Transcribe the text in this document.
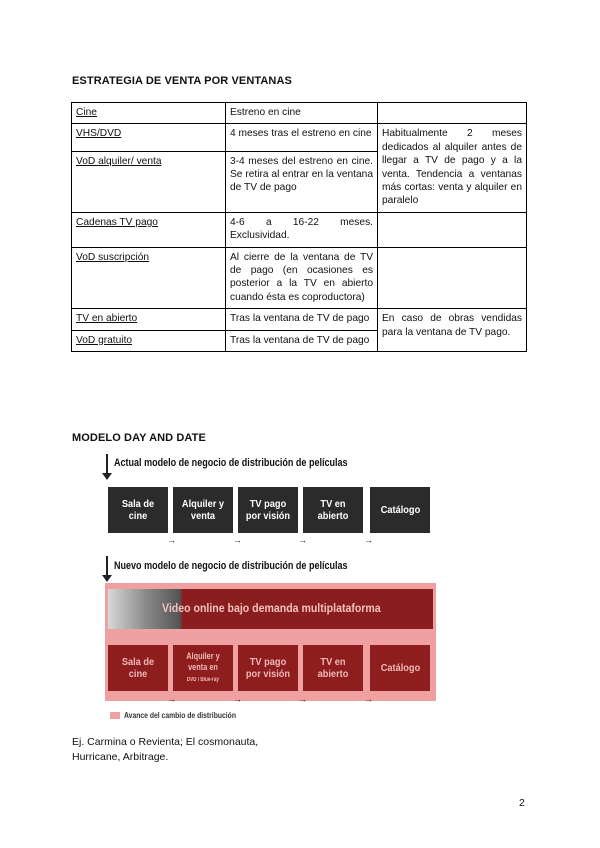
ESTRATEGIA DE VENTA POR VENTANAS
Cine	Estreno en cine	
VHS/DVD	4 meses tras el estreno en cine	Habitualmente 2 meses dedicados al alquiler antes de llegar a TV de pago y a la venta. Tendencia a ventanas más cortas: venta y alquiler en paralelo
VoD alquiler/ venta	3-4 meses del estreno en cine. Se retira al entrar en la ventana de TV de pago	
Cadenas TV pago	4-6 a 16-22 meses. Exclusividad.	
VoD suscripción	Al cierre de la ventana de TV de pago (en ocasiones es posterior a la TV en abierto cuando ésta es coproductora)	
TV en abierto	Tras la ventana de TV de pago	En caso de obras vendidas para la ventana de TV pago.
VoD gratuito	Tras la ventana de TV de pago	
MODELO DAY AND DATE
Actual modelo de negocio de distribución de películas
Sala de cine
Alquiler y venta
TV pago por visión
TV en abierto	Catálogo
→	→	→	→
Nuevo modelo de negocio de distribución de películas
Video online bajo demanda multiplataforma
Sala de cine
Alquiler y venta en
DVD / Blue-ray
TV pago por visión
TV en abierto	Catálogo
→	→	→	→
Avance del cambio de distribución
Ej. Carmina o Revienta; El cosmonauta,
Hurricane, Arbitrage.
2
